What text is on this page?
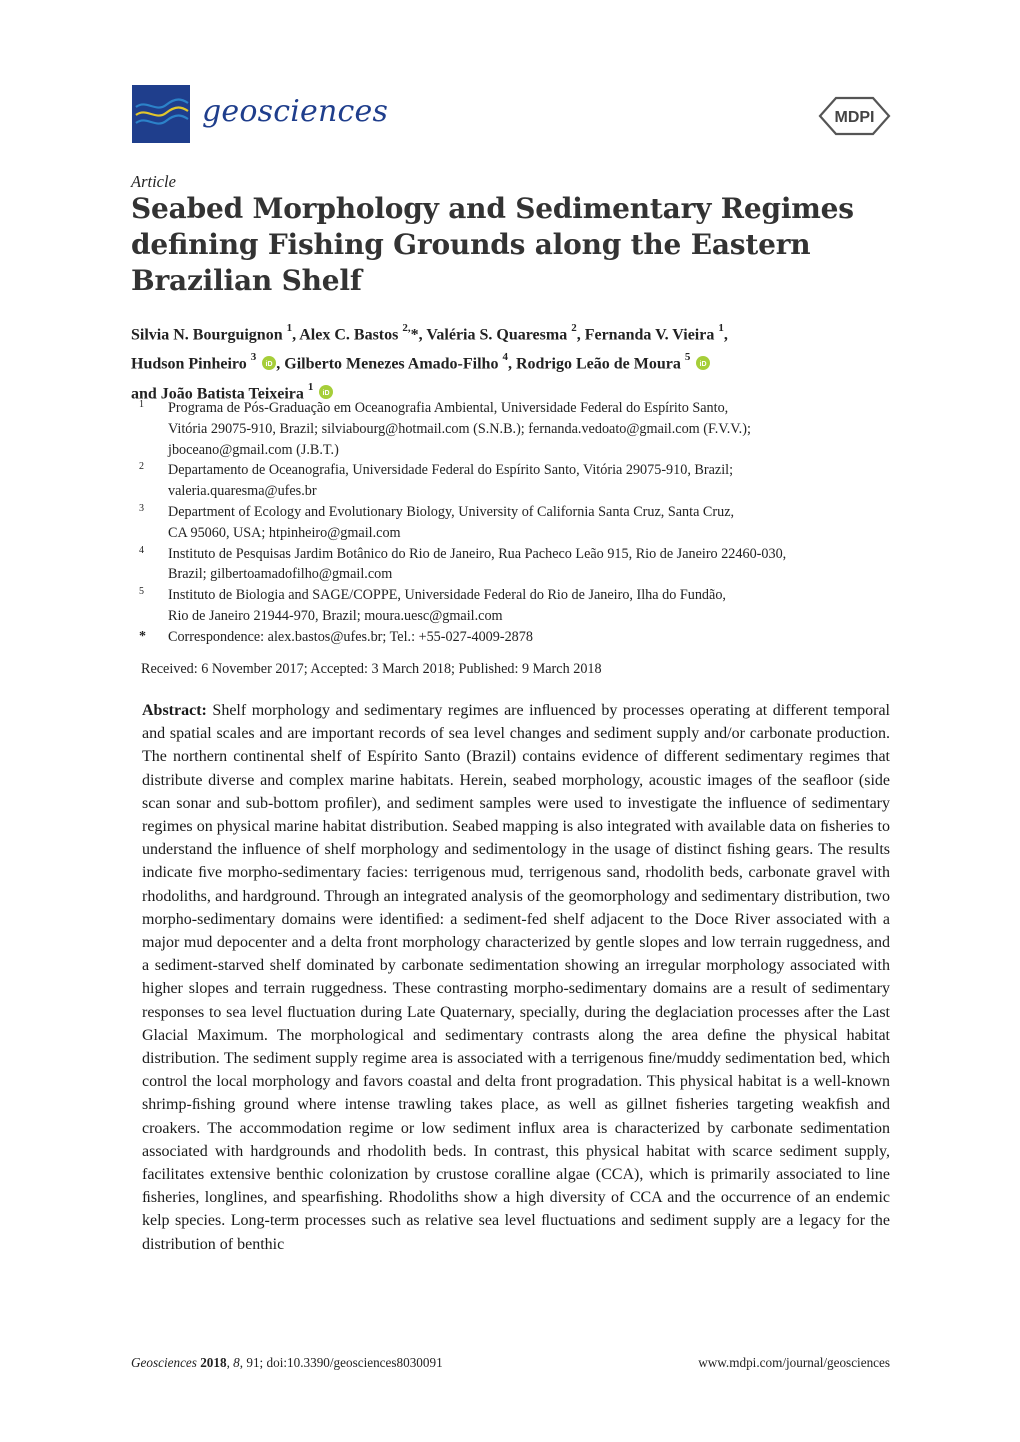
geosciences	MDPI
Article
Seabed Morphology and Sedimentary Regimes
deﬁning Fishing Grounds along the Eastern
Brazilian Shelf
Silvia N. Bourguignon $^1$, Alex C. Bastos $^{2,}$*, Valéria S. Quaresma $^2$, Fernanda V. Vieira $^1$,
Hudson Pinheiro $^3$
iD , Gilberto Menezes Amado-Filho $^4$, Rodrigo Leão de Moura $^5$
iD
and João Batista Teixeira $^1$
iD
1 Programa de Pós-Graduação em Oceanografia Ambiental, Universidade Federal do Espírito Santo,
Vitória 29075-910, Brazil; silviabourg@hotmail.com (S.N.B.); fernanda.vedoato@gmail.com (F.V.V.);
jboceano@gmail.com (J.B.T.)
2 Departamento de Oceanografia, Universidade Federal do Espírito Santo, Vitória 29075-910, Brazil;
valeria.quaresma@ufes.br
3 Department of Ecology and Evolutionary Biology, University of California Santa Cruz, Santa Cruz,
CA 95060, USA; htpinheiro@gmail.com
4 Instituto de Pesquisas Jardim Botânico do Rio de Janeiro, Rua Pacheco Leão 915, Rio de Janeiro 22460-030,
Brazil; gilbertoamadofilho@gmail.com
5 Instituto de Biologia and SAGE/COPPE, Universidade Federal do Rio de Janeiro, Ilha do Fundão,
Rio de Janeiro 21944-970, Brazil; moura.uesc@gmail.com
* Correspondence: alex.bastos@ufes.br; Tel.: +55-027-4009-2878
Received: 6 November 2017; Accepted: 3 March 2018; Published: 9 March 2018
Abstract: Shelf morphology and sedimentary regimes are inﬂuenced by processes operating at different temporal and spatial scales and are important records of sea level changes and sediment supply and/or carbonate production. The northern continental shelf of Espírito Santo (Brazil) contains evidence of different sedimentary regimes that distribute diverse and complex marine habitats. Herein, seabed morphology, acoustic images of the seaﬂoor (side scan sonar and sub-bottom proﬁler), and sediment samples were used to investigate the inﬂuence of sedimentary regimes on physical marine habitat distribution. Seabed mapping is also integrated with available data on ﬁsheries to understand the inﬂuence of shelf morphology and sedimentology in the usage of distinct ﬁshing gears. The results indicate ﬁve morpho-sedimentary facies: terrigenous mud, terrigenous sand, rhodolith beds, carbonate gravel with rhodoliths, and hardground. Through an integrated analysis of the geomorphology and sedimentary distribution, two morpho-sedimentary domains were identiﬁed: a sediment-fed shelf adjacent to the Doce River associated with a major mud depocenter and a delta front morphology characterized by gentle slopes and low terrain ruggedness, and a sediment-starved shelf dominated by carbonate sedimentation showing an irregular morphology associated with higher slopes and terrain ruggedness. These contrasting morpho-sedimentary domains are a result of sedimentary responses to sea level ﬂuctuation during Late Quaternary, specially, during the deglaciation processes after the Last Glacial Maximum. The morphological and sedimentary contrasts along the area deﬁne the physical habitat distribution. The sediment supply regime area is associated with a terrigenous ﬁne/muddy sedimentation bed, which control the local morphology and favors coastal and delta front progradation. This physical habitat is a well-known shrimp-ﬁshing ground where intense trawling takes place, as well as gillnet ﬁsheries targeting weakﬁsh and croakers. The accommodation regime or low sediment inﬂux area is characterized by carbonate sedimentation associated with hardgrounds and rhodolith beds. In contrast, this physical habitat with scarce sediment supply, facilitates extensive benthic colonization by crustose coralline algae (CCA), which is primarily associated to line ﬁsheries, longlines, and spearﬁshing. Rhodoliths show a high diversity of CCA and the occurrence of an endemic kelp species. Long-term processes such as relative sea level ﬂuctuations and sediment supply are a legacy for the distribution of benthic
Geosciences 2018, 8, 91; doi:10.3390/geosciences8030091	www.mdpi.com/journal/geosciences
